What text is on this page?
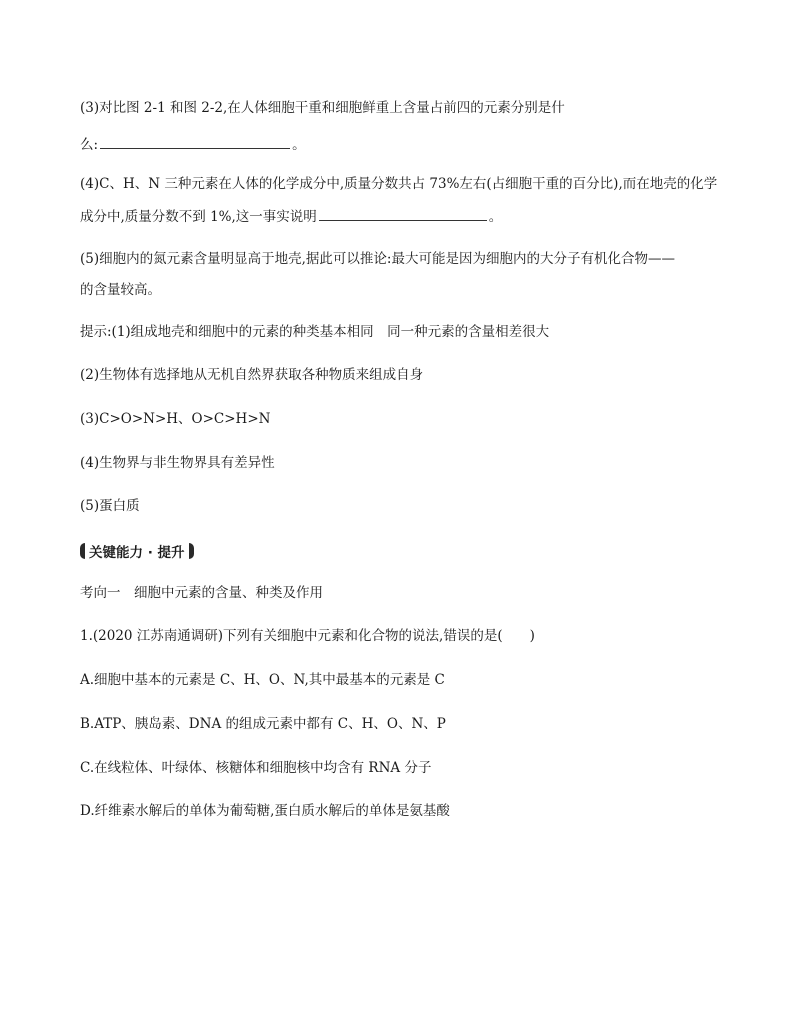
(3)对比图 2-1 和图 2-2,在人体细胞干重和细胞鲜重上含量占前四的元素分别是什
么:	。
(4)C、H、N 三种元素在人体的化学成分中,质量分数共占 73%左右(占细胞干重的百分比),而在地壳的化学
成分中,质量分数不到 1%,这一事实说明	。
(5)细胞内的氮元素含量明显高于地壳,据此可以推论:最大可能是因为细胞内的大分子有机化合物——
的含量较高。
提示:(1)组成地壳和细胞中的元素的种类基本相同　同一种元素的含量相差很大
(2)生物体有选择地从无机自然界获取各种物质来组成自身
(3)C>O>N>H、O>C>H>N
(4)生物界与非生物界具有差异性
(5)蛋白质
关键能力 · 提升
考向一　细胞中元素的含量、种类及作用
1.(2020 江苏南通调研)下列有关细胞中元素和化合物的说法,错误的是(　　)
A.细胞中基本的元素是 C、H、O、N,其中最基本的元素是 C
B.ATP、胰岛素、DNA 的组成元素中都有 C、H、O、N、P
C.在线粒体、叶绿体、核糖体和细胞核中均含有 RNA 分子
D.纤维素水解后的单体为葡萄糖,蛋白质水解后的单体是氨基酸
